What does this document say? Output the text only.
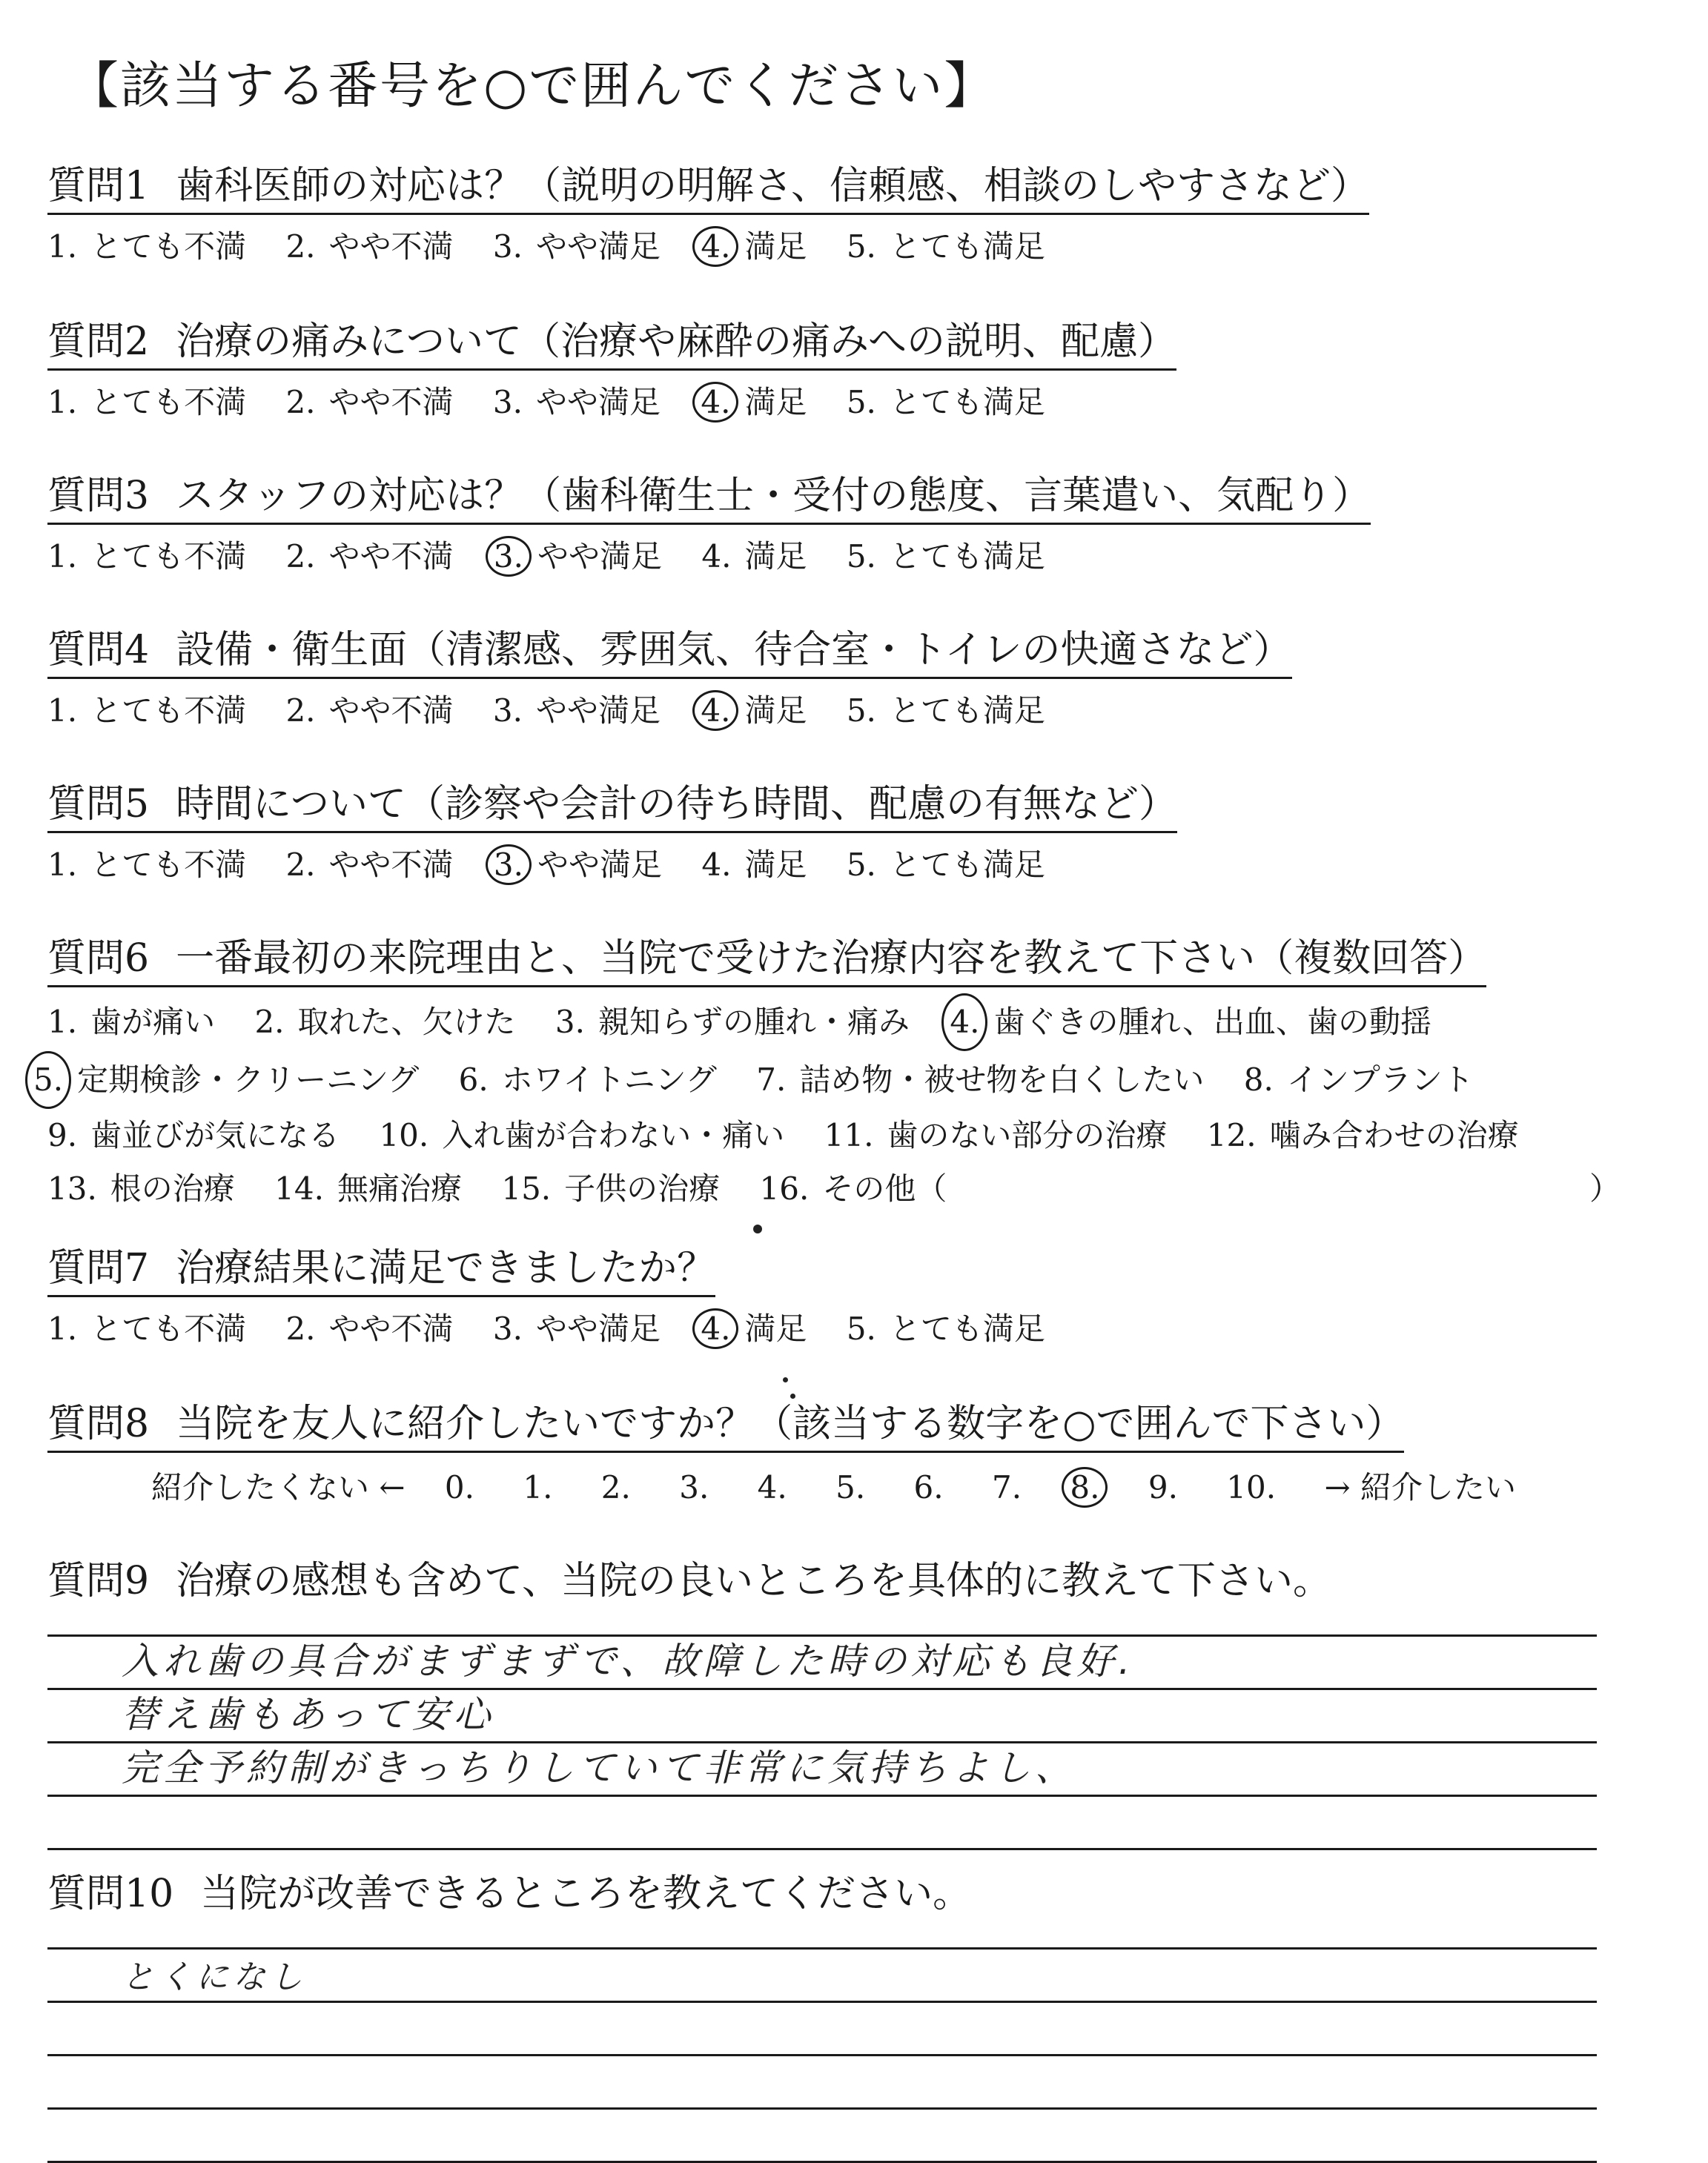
【該当する番号を○で囲んでください】
質問1 歯科医師の対応は？（説明の明解さ、信頼感、相談のしやすさなど）
1. とても不満 2. やや不満 3. やや満足 4. 満足 5. とても満足
質問2 治療の痛みについて（治療や麻酔の痛みへの説明、配慮）
1. とても不満 2. やや不満 3. やや満足 4. 満足 5. とても満足
質問3 スタッフの対応は？（歯科衛生士・受付の態度、言葉遣い、気配り）
1. とても不満 2. やや不満 3. やや満足 4. 満足 5. とても満足
質問4 設備・衛生面（清潔感、雰囲気、待合室・トイレの快適さなど）
1. とても不満 2. やや不満 3. やや満足 4. 満足 5. とても満足
質問5 時間について（診察や会計の待ち時間、配慮の有無など）
1. とても不満 2. やや不満 3. やや満足 4. 満足 5. とても満足
質問6 一番最初の来院理由と、当院で受けた治療内容を教えて下さい（複数回答）
1. 歯が痛い 2. 取れた、欠けた 3. 親知らずの腫れ・痛み 4. 歯ぐきの腫れ、出血、歯の動揺
5. 定期検診・クリーニング 6. ホワイトニング 7. 詰め物・被せ物を白くしたい 8. インプラント
9. 歯並びが気になる 10. 入れ歯が合わない・痛い 11. 歯のない部分の治療 12. 噛み合わせの治療
13. 根の治療 14. 無痛治療 15. 子供の治療 16. その他（	）
質問7 治療結果に満足できましたか？
1. とても不満 2. やや不満 3. やや満足 4. 満足 5. とても満足
質問8 当院を友人に紹介したいですか？（該当する数字を○で囲んで下さい）
紹介したくない ← 0. 1. 2. 3. 4. 5. 6. 7. 8. 9. 10. → 紹介したい
質問9 治療の感想も含めて、当院の良いところを具体的に教えて下さい。
入れ歯の具合がまずまずで、故障した時の対応も良好.
替え歯もあって安心
完全予約制がきっちりしていて非常に気持ちよし、
質問10 当院が改善できるところを教えてください。
とくになし
